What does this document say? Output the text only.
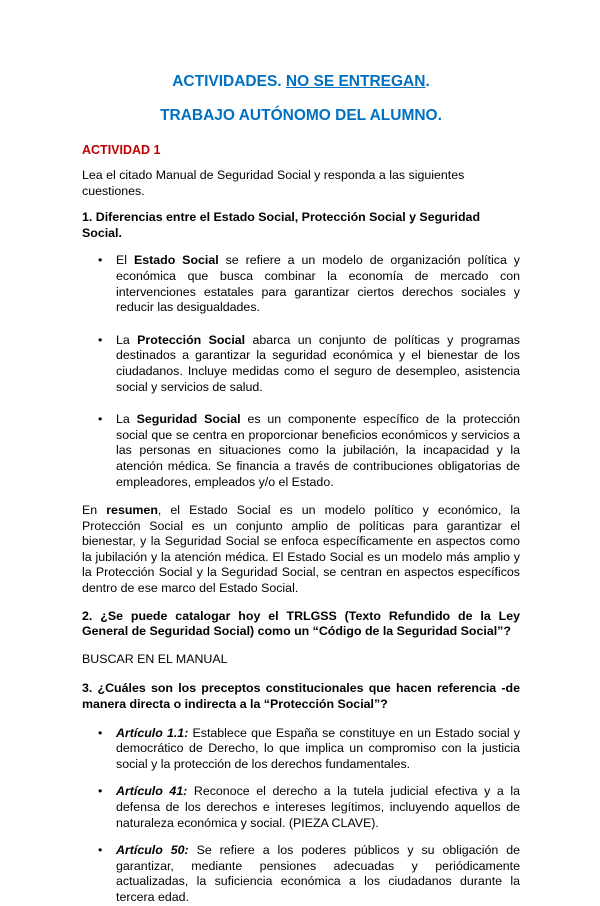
ACTIVIDADES. NO SE ENTREGAN.
TRABAJO AUTÓNOMO DEL ALUMNO.
ACTIVIDAD 1

Lea el citado Manual de Seguridad Social y responda a las siguientes cuestiones.

1. Diferencias entre el Estado Social, Protección Social y Seguridad Social.

• El Estado Social se refiere a un modelo de organización política y económica que busca combinar la economía de mercado con intervenciones estatales para garantizar ciertos derechos sociales y reducir las desigualdades.
• La Protección Social abarca un conjunto de políticas y programas destinados a garantizar la seguridad económica y el bienestar de los ciudadanos. Incluye medidas como el seguro de desempleo, asistencia social y servicios de salud.
• La Seguridad Social es un componente específico de la protección social que se centra en proporcionar beneficios económicos y servicios a las personas en situaciones como la jubilación, la incapacidad y la atención médica. Se financia a través de contribuciones obligatorias de empleadores, empleados y/o el Estado.

En resumen, el Estado Social es un modelo político y económico, la Protección Social es un conjunto amplio de políticas para garantizar el bienestar, y la Seguridad Social se enfoca específicamente en aspectos como la jubilación y la atención médica. El Estado Social es un modelo más amplio y la Protección Social y la Seguridad Social, se centran en aspectos específicos dentro de ese marco del Estado Social.

2. ¿Se puede catalogar hoy el TRLGSS (Texto Refundido de la Ley General de Seguridad Social) como un “Código de la Seguridad Social”?

BUSCAR EN EL MANUAL

3. ¿Cuáles son los preceptos constitucionales que hacen referencia -de manera directa o indirecta a la “Protección Social”?

• Artículo 1.1: Establece que España se constituye en un Estado social y democrático de Derecho, lo que implica un compromiso con la justicia social y la protección de los derechos fundamentales.
• Artículo 41: Reconoce el derecho a la tutela judicial efectiva y a la defensa de los derechos e intereses legítimos, incluyendo aquellos de naturaleza económica y social. (PIEZA CLAVE).
• Artículo 50: Se refiere a los poderes públicos y su obligación de garantizar, mediante pensiones adecuadas y periódicamente actualizadas, la suficiencia económica a los ciudadanos durante la tercera edad.
